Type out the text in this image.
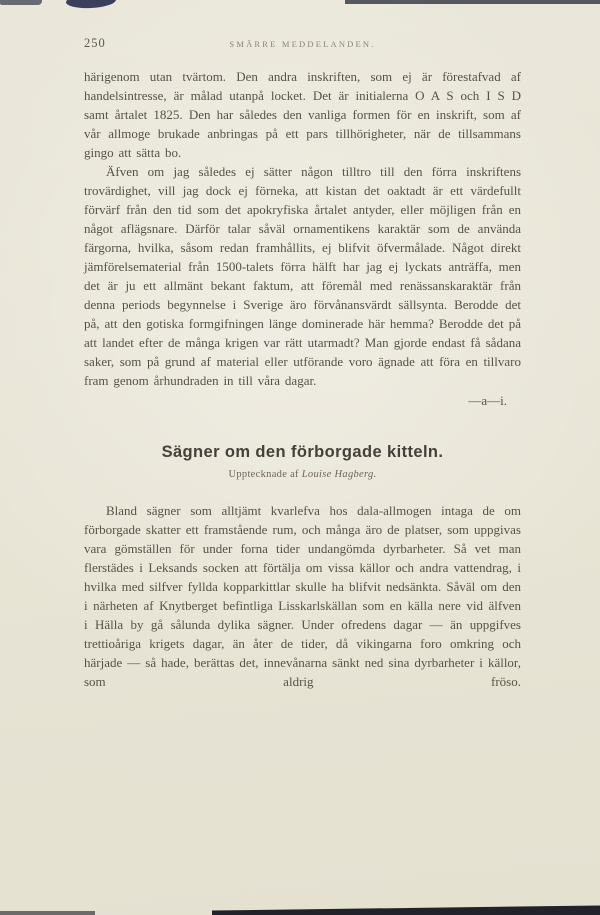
250	SMÄRRE MEDDELANDEN.

härigenom utan tvärtom. Den andra inskriften, som ej är förestafvad af handelsintresse, är målad utanpå locket. Det är initialerna O A S och I S D samt årtalet 1825. Den har således den vanliga formen för en inskrift, som af vår allmoge brukade anbringas på ett pars tillhörigheter, när de tillsammans gingo att sätta bo.

Äfven om jag således ej sätter någon tilltro till den förra inskriftens trovärdighet, vill jag dock ej förneka, att kistan det oaktadt är ett värdefullt förvärf från den tid som det apokryfiska årtalet antyder, eller möjligen från en något aflägsnare. Därför talar såväl ornamentikens karaktär som de använda färgorna, hvilka, såsom redan framhållits, ej blifvit öfvermålade. Något direkt jämförelsematerial från 1500-talets förra hälft har jag ej lyckats anträffa, men det är ju ett allmänt bekant faktum, att föremål med renässanskaraktär från denna periods begynnelse i Sverige äro förvånansvärdt sällsynta. Berodde det på, att den gotiska formgifningen länge dominerade här hemma? Berodde det på att landet efter de många krigen var rätt utarmadt? Man gjorde endast få sådana saker, som på grund af material eller utförande voro ägnade att föra en tillvaro fram genom århundraden in till våra dagar.

—a—i.
Sägner om den förborgade kitteln.
Upptecknade af Louise Hagberg.

Bland sägner som alltjämt kvarlefva hos dala-allmogen intaga de om förborgade skatter ett framstående rum, och många äro de platser, som uppgivas vara gömställen för under forna tider undangömda dyrbarheter. Så vet man flerstädes i Leksands socken att förtälja om vissa källor och andra vattendrag, i hvilka med silfver fyllda kopparkittlar skulle ha blifvit nedsänkta. Såväl om den i närheten af Knytberget befintliga Lisskarlskällan som en källa nere vid älfven i Hälla by gå sålunda dylika sägner. Under ofredens dagar — än uppgifves trettioåriga krigets dagar, än åter de tider, då vikingarna foro omkring och härjade — så hade, berättas det, innevånarna sänkt ned sina dyrbarheter i källor, som aldrig fröso.
